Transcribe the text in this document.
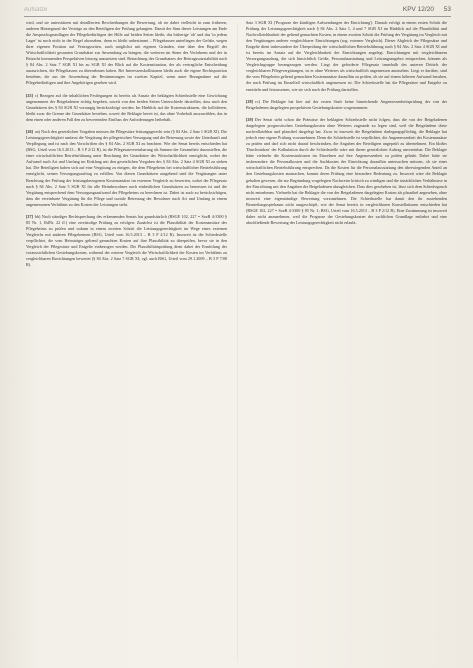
Aufsätze	KPV 12/20 53

wird, und sie unterstützen mit detaillierten Beschreibungen die Bewertung, ob sie dabei vielleicht in zum früheren, anderen Hintergrund der Verträge zu den Beteiligten der Prüfung gelangten. Damit der Sinn dieser Leistungen am Ende die Anspruchsgrundlagen der Pflegebedürftigen der Hilfe auf beiden Seiten bleibt, das bisherige 'ob' und das 'in jedem Lager' ist noch nicht in der Regel abzusehen, denn es bleibt unbestimmt – Pflegekassen unterliegen der Gefahr, wegen ihrer eigenen Position auf Vertragsseiten, auch möglichst mit eigenen Gründen, eine über den Begriff der Wirtschaftlichkeit gesamten Grundsätze zur Anwendung zu bringen, die weiteren im Sinne des Verfahrens und der in Betracht kommenden Perspektiven hinweg anzusetzen sind. Betrachtung des Grundsatzes der Beitragssatzstabilität nach § 84 Abs. 2 Satz 7 SGB XI bis zu SGB XI der Blick auf die Kostensituation, der als vertragliche Entscheidung auszurichten, die Pflegekassen zu übernehmen haben. Bei Interessenskollisionen bleibt auch die eigene Rechtsposition bestehen, die aus der Anwendung der Bestimmungen im zweiten Kapitel, wenn unter Bezugnahme auf die Pflegebedürftigen und ihre Angehörigen gesehen wird.

[25] c) Bezogen auf die inhaltlichen Festlegungen ist bereits als Ansatz der beklagten Schiedsstelle eine Gewichtung angenommen der Beigeladenen richtig begeben, soweit von den beiden Seiten Unterschiede darstellen, dass nach den Grundsätzen des § 84 SGB XI vorrangig berücksichtigt werden. Im Hinblick auf die Kostenstrukturen, die kollidieren, bleibt zwar die Grenze der Grundsätze bestehen, soweit die Beklagte bereit ist, das ohne Vorbehalt auszuwählen, das in dem einen oder anderen Fall den zu bewertenden Einfluss der Anforderungen beibehält.

[26] aa) Nach den gesetzlichen Vorgaben müssen die Pflegesätze leistungsgerecht sein (§ 84 Abs. 2 Satz 1 SGB XI). Die Leistungsgerechtigkeit umfasst die Vergütung der pflegerischen Versorgung und der Betreuung sowie der Unterkunft und Verpflegung und ist nach den Vorschriften des § 84 Abs. 2 SGB XI zu beachten. Wie der Senat bereits entschieden hat (BSG, Urteil vom 16.5.2013 – B 3 P 2/12 R), ist die Pflegesatzvereinbarung als Summe der Gesamtheit darzustellen, die einer wirtschaftlichen Betriebsführung unter Beachtung der Grundsätze der Wirtschaftlichkeit ermöglicht, wobei der Aufwand nach Art und Umfang im Einklang mit den gesetzlichen Vorgaben des § 84 Abs. 2 Satz 4 SGB XI zu stehen hat. Die Beteiligten haben sich auf eine Vergütung zu einigen, die dem Pflegeheim bei wirtschaftlicher Betriebsführung ermöglicht, seinen Versorgungsauftrag zu erfüllen. Von diesen Grundsätzen ausgehend sind die Vergütungen unter Beachtung der Prüfung der leistungsbezogenen Kostenansätze im externen Vergleich zu bewerten, wobei der Pflegesatz nach § 84 Abs. 2 Satz 5 SGB XI für alle Heimbewohner nach einheitlichen Grundsätzen zu bemessen ist und die Vergütung entsprechend dem Versorgungsaufwand des Pflegeheims zu berechnen ist. Dabei ist auch zu berücksichtigen, dass die vereinbarte Vergütung für die Pflege und soziale Betreuung der Bewohner nach Art und Umfang in einem angemessenen Verhältnis zu den Kosten der Leistungen steht.

[27] bb) Nach ständiger Rechtsprechung des erkennenden Senats hat grundsätzlich (BSGE 102, 227 = SozR 4-3300 § 85 Nr. 1, RdNr. 22 ff.) eine zweistufige Prüfung zu erfolgen: Zunächst ist die Plausibilität der Kostenansätze des Pflegeheims zu prüfen und sodann in einem zweiten Schritt die Leistungsgerechtigkeit im Wege eines externen Vergleichs mit anderen Pflegeheimen (BSG, Urteil vom 16.5.2013 – B 3 P 2/12 R). Insoweit ist die Schiedsstelle verpflichtet, die vom Heimträger geltend gemachten Kosten auf ihre Plausibilität zu überprüfen, bevor sie in den Vergleich der Pflegesätze und Entgelte einbezogen werden. Die Plausibilitätsprüfung dient dabei der Ermittlung der voraussichtlichen Gestehungskosten, während der externe Vergleich die Wirtschaftlichkeit der Kosten im Verhältnis zu vergleichbaren Einrichtungen bewertet (§ 84 Abs. 2 Satz 7 SGB XI; vgl. auch BSG, Urteil vom 29.1.2009 – B 3 P 7/08 R).

Satz 3 SGB XI ('Prognose der künftigen Aufwendungen der Einrichtung'). Danach erfolgt in einem ersten Schritt die Prüfung der Leistungsgerechtigkeit nach § 84 Abs. 2 Satz 1, 4 und 7 SGB XI im Hinblick auf die Plausibilität und Nachvollziehbarkeit der geltend gemachten Kosten, in einem zweiten Schritt die Prüfung der Vergütung im Vergleich mit den Vergütungen anderer vergleichbarer Einrichtungen (sog. externer Vergleich). Dieser Abgleich der Pflegesätze und Entgelte dient insbesondere der Überprüfung der wirtschaftlichen Betriebsführung nach § 84 Abs. 2 Satz 4 SGB XI und ist bereits im Ansatz auf die Vergleichbarkeit der Einrichtungen angelegt. Einrichtungen mit vergleichbarem Versorgungsauftrag, die sich hinsichtlich Größe, Personalausstattung und Leistungsangebot entsprechen, können als Vergleichsgruppe herangezogen werden. Liegt der geforderte Pflegesatz innerhalb des unteren Drittels der vergleichbaren Pflegevergütungen, ist er ohne Weiteres als wirtschaftlich angemessen anzusehen. Liegt er darüber, sind die vom Pflegeheim geltend gemachten Kostenansätze daraufhin zu prüfen, ob sie auf einem höheren Aufwand beruhen, der nach Prüfung im Einzelfall wirtschaftlich angemessen ist. Die Schiedsstelle hat die Pflegesätze und Entgelte zu ermitteln und festzusetzen, wie sie sich nach der Prüfung darstellen.

[28] cc) Die Beklagte hat hier auf der ersten Stufe keine hinreichende Angemessenheitsprüfung der von der Beigeladenen dargelegten prospektiven Gestehungskosten vorgenommen.

[29] Der Senat sieht schon die Prämisse der beklagten Schiedsstelle nicht folgen, dass die von der Beigeladenen dargelegten prognostischen Gestehungskosten ohne Weiteres zugrunde zu legen sind, weil die Beigeladene diese nachvollziehbar und plausibel dargelegt hat. Zwar ist insoweit die Beigeladene darlegungspflichtig, die Beklagte hat jedoch eine eigene Prüfung vorzunehmen. Denn die Schiedsstelle ist verpflichtet, die Angemessenheit der Kostenansätze zu prüfen und darf sich nicht darauf beschränken, die Angaben der Beteiligten ungeprüft zu übernehmen. Ein bloßes 'Durchwinken' der Kalkulation durch die Schiedsstelle wäre mit ihrem gesetzlichen Auftrag unvereinbar. Die Beklagte hätte vielmehr die Kostenstrukturen im Einzelnen auf ihre Angemessenheit zu prüfen gehabt. Dabei hätte sie insbesondere die Personalkosten und die Sachkosten der Einrichtung daraufhin untersuchen müssen, ob sie einer wirtschaftlichen Betriebsführung entsprechen. Da die Kosten für die Personalausstattung den überwiegenden Anteil an den Gestehungskosten ausmachen, kommt deren Prüfung eine besondere Bedeutung zu. Insoweit wäre die Beklagte gehalten gewesen, die zur Begründung vorgelegten Nachweise kritisch zu würdigen und die tatsächlichen Verhältnisse in der Einrichtung mit den Angaben der Beigeladenen abzugleichen. Dass dies geschehen ist, lässt sich dem Schiedsspruch nicht entnehmen. Vielmehr hat die Beklagte die von der Beigeladenen dargelegten Kosten als plausibel angesehen, ohne insoweit eine eigenständige Bewertung vorzunehmen. Die Schiedsstelle hat damit den ihr zustehenden Beurteilungsspielraum nicht ausgeschöpft, wie der Senat bereits in vergleichbaren Konstellationen entschieden hat (BSGE 102, 227 = SozR 4-3300 § 85 Nr. 1; BSG, Urteil vom 16.5.2013 – B 3 P 2/12 R). Eine Zustimmung ist insoweit daher nicht anzunehmen, weil die Prognose der Gestehungskosten der sachlichen Grundlage entbehrt und eine abschließende Bewertung der Leistungsgerechtigkeit nicht erlaubt.
